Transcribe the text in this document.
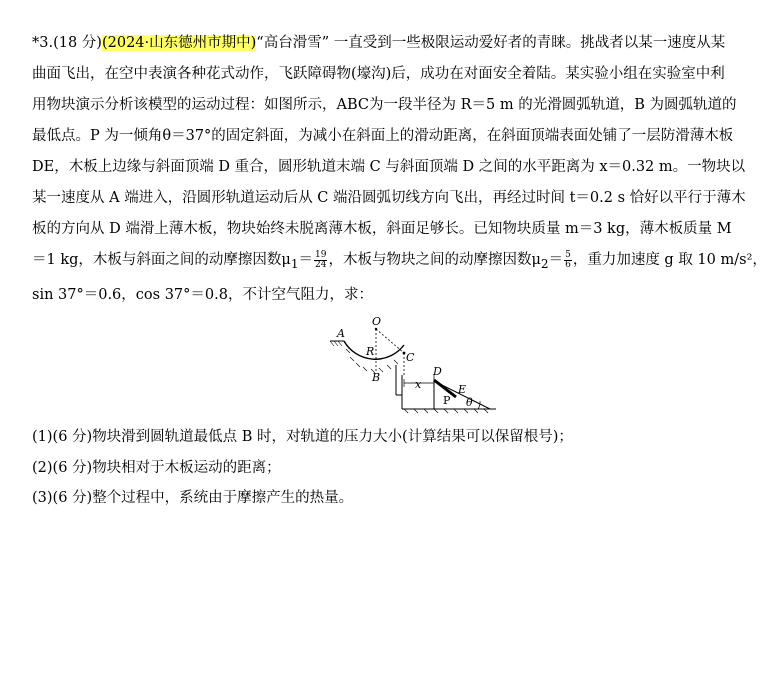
*3.(18 分)(2024·山东德州市期中)“高台滑雪” 一直受到一些极限运动爱好者的青睐。挑战者以某一速度从某
曲面飞出，在空中表演各种花式动作，飞跃障碍物(壕沟)后，成功在对面安全着陆。某实验小组在实验室中利
用物块演示分析该模型的运动过程：如图所示，ABC为一段半径为 R＝5 m 的光滑圆弧轨道，B 为圆弧轨道的
最低点。P 为一倾角θ＝37°的固定斜面，为减小在斜面上的滑动距离，在斜面顶端表面处铺了一层防滑薄木板
DE，木板上边缘与斜面顶端 D 重合，圆形轨道末端 C 与斜面顶端 D 之间的水平距离为 x＝0.32 m。一物块以
某一速度从 A 端进入，沿圆形轨道运动后从 C 端沿圆弧切线方向飞出，再经过时间 t＝0.2 s 恰好以平行于薄木
板的方向从 D 端滑上薄木板，物块始终未脱离薄木板，斜面足够长。已知物块质量 m＝3 kg，薄木板质量 M
＝1 kg，木板与斜面之间的动摩擦因数$\mu_1= \frac{19}{24}$ ，木板与物块之间的动摩擦因数$\mu_2= \frac{5}{6}$ ，重力加速度 g 取 10 m/s²，
sin 37°＝0.6，cos 37°＝0.8，不计空气阻力，求：
A
O
R	C
B	D
E
x
P θ
(1)(6 分)物块滑到圆轨道最低点 B 时，对轨道的压力大小(计算结果可以保留根号)；
(2)(6 分)物块相对于木板运动的距离；
(3)(6 分)整个过程中，系统由于摩擦产生的热量。
